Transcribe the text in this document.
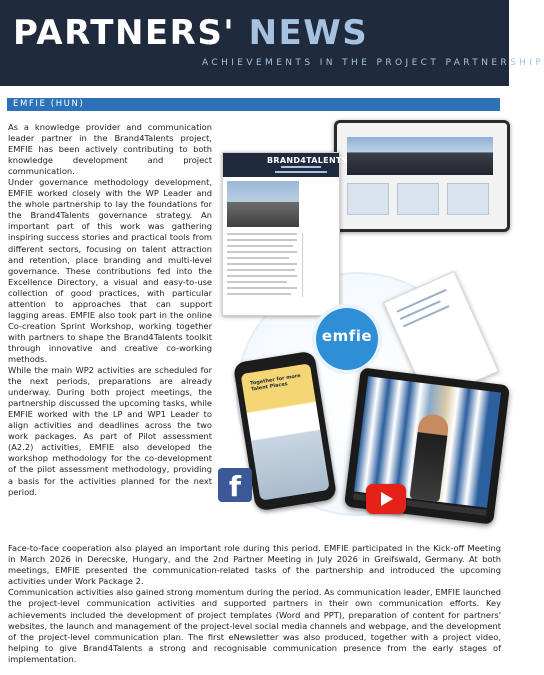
PARTNERS' NEWS
ACHIEVEMENTS IN THE PROJECT PARTNERSHIP
EMFIE (HUN)

As a knowledge provider and communication leader partner in the Brand4Talents project, EMFIE has been actively contributing to both knowledge development and project communication.

Under governance methodology development, EMFIE worked closely with the WP Leader and the whole partnership to lay the foundations for the Brand4Talents governance strategy. An important part of this work was gathering inspiring success stories and practical tools from different sectors, focusing on talent attraction and retention, place branding and multi-level governance. These contributions fed into the Excellence Directory, a visual and easy-to-use collection of good practices, with particular attention to approaches that can support lagging areas. EMFIE also took part in the online Co-creation Sprint Workshop, working together with partners to shape the Brand4Talents toolkit through innovative and creative co-working methods.

While the main WP2 activities are scheduled for the next periods, preparations are already underway. During both project meetings, the partnership discussed the upcoming tasks, while EMFIE worked with the LP and WP1 Leader to align activities and deadlines across the two work packages. As part of Pilot assessment (A2.2) activities, EMFIE also developed the workshop methodology for the co-development of the pilot assessment methodology, providing a basis for the activities planned for the next period.

BRAND4TALENTS
emfie
Together for more Talent Places
f

Face-to-face cooperation also played an important role during this period. EMFIE participated in the Kick-off Meeting in March 2026 in Derecske, Hungary, and the 2nd Partner Meeting in July 2026 in Greifswald, Germany. At both meetings, EMFIE presented the communication-related tasks of the partnership and introduced the upcoming activities under Work Package 2.

Communication activities also gained strong momentum during the period. As communication leader, EMFIE launched the project-level communication activities and supported partners in their own communication efforts. Key achievements included the development of project templates (Word and PPT), preparation of content for partners' websites, the launch and management of the project-level social media channels and webpage, and the development of the project-level communication plan. The first eNewsletter was also produced, together with a project video, helping to give Brand4Talents a strong and recognisable communication presence from the early stages of implementation.
